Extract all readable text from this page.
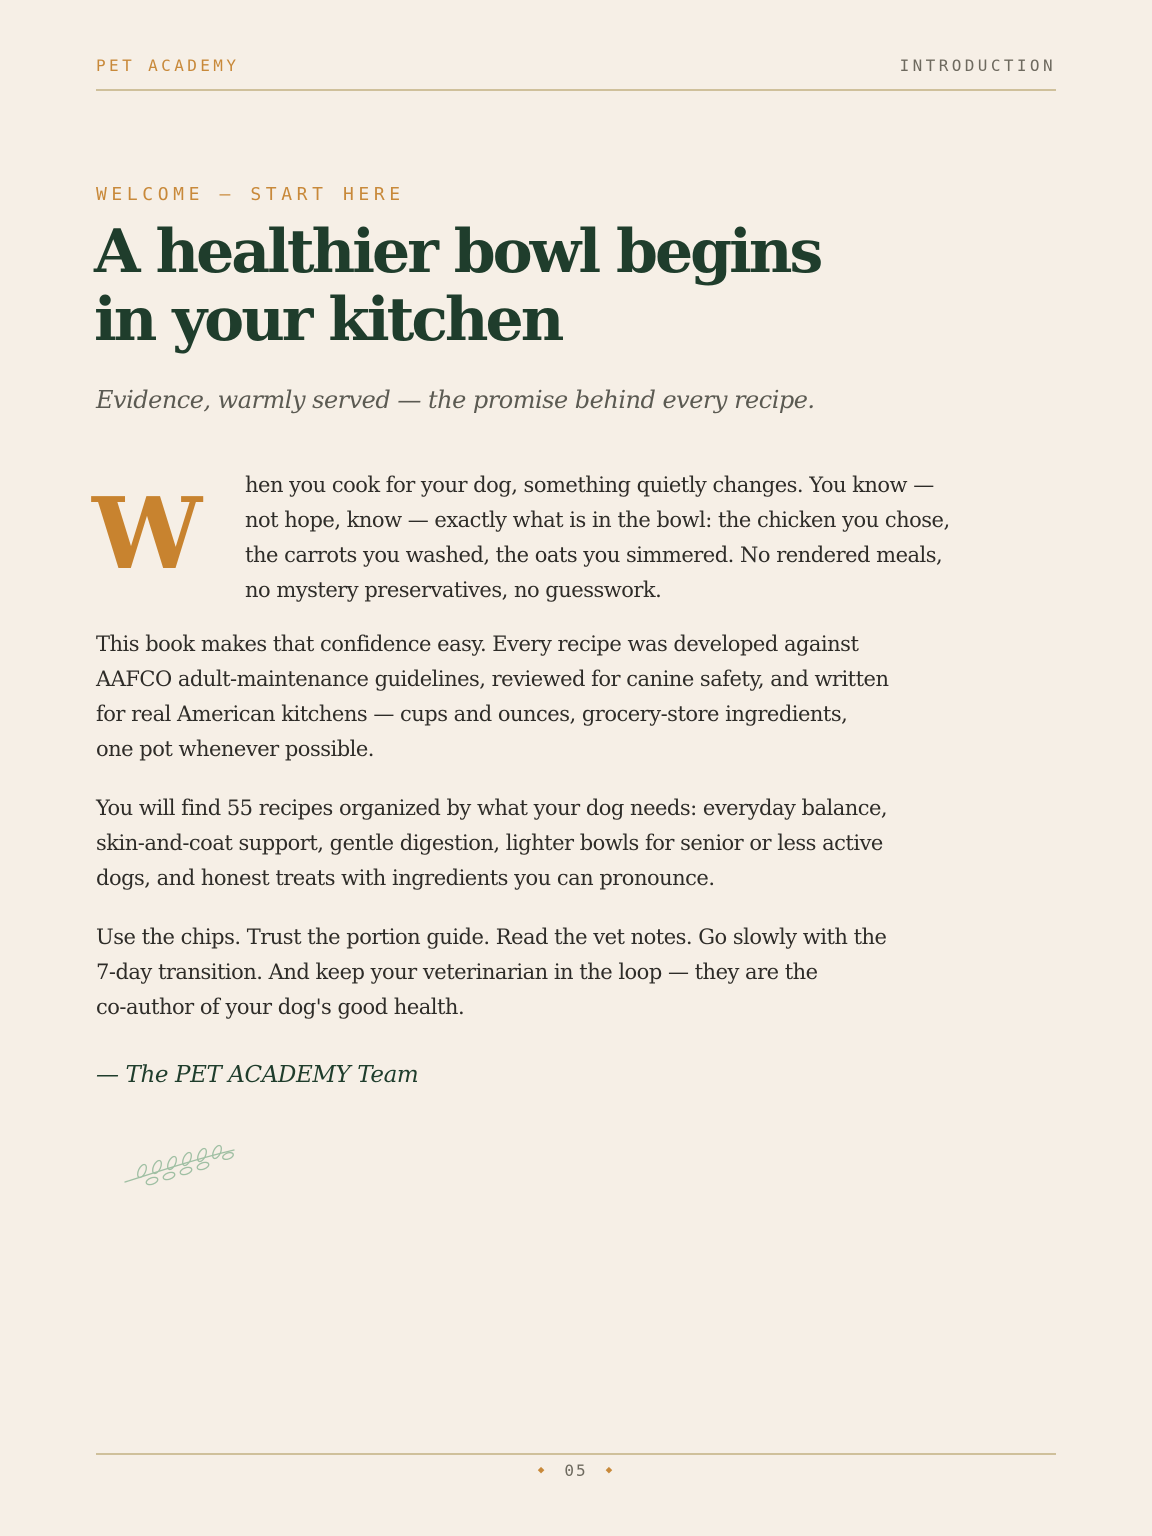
PET ACADEMY	INTRODUCTION
WELCOME — START HERE
A healthier bowl begins
in your kitchen
Evidence, warmly served — the promise behind every recipe.
W hen you cook for your dog, something quietly changes. You know —
not hope, know — exactly what is in the bowl: the chicken you chose,
the carrots you washed, the oats you simmered. No rendered meals,
no mystery preservatives, no guesswork.
This book makes that confidence easy. Every recipe was developed against
AAFCO adult-maintenance guidelines, reviewed for canine safety, and written
for real American kitchens — cups and ounces, grocery-store ingredients,
one pot whenever possible.
You will find 55 recipes organized by what your dog needs: everyday balance,
skin-and-coat support, gentle digestion, lighter bowls for senior or less active
dogs, and honest treats with ingredients you can pronounce.
Use the chips. Trust the portion guide. Read the vet notes. Go slowly with the
7-day transition. And keep your veterinarian in the loop — they are the
co-author of your dog's good health.
— The PET ACADEMY Team
◆ 05 ◆
